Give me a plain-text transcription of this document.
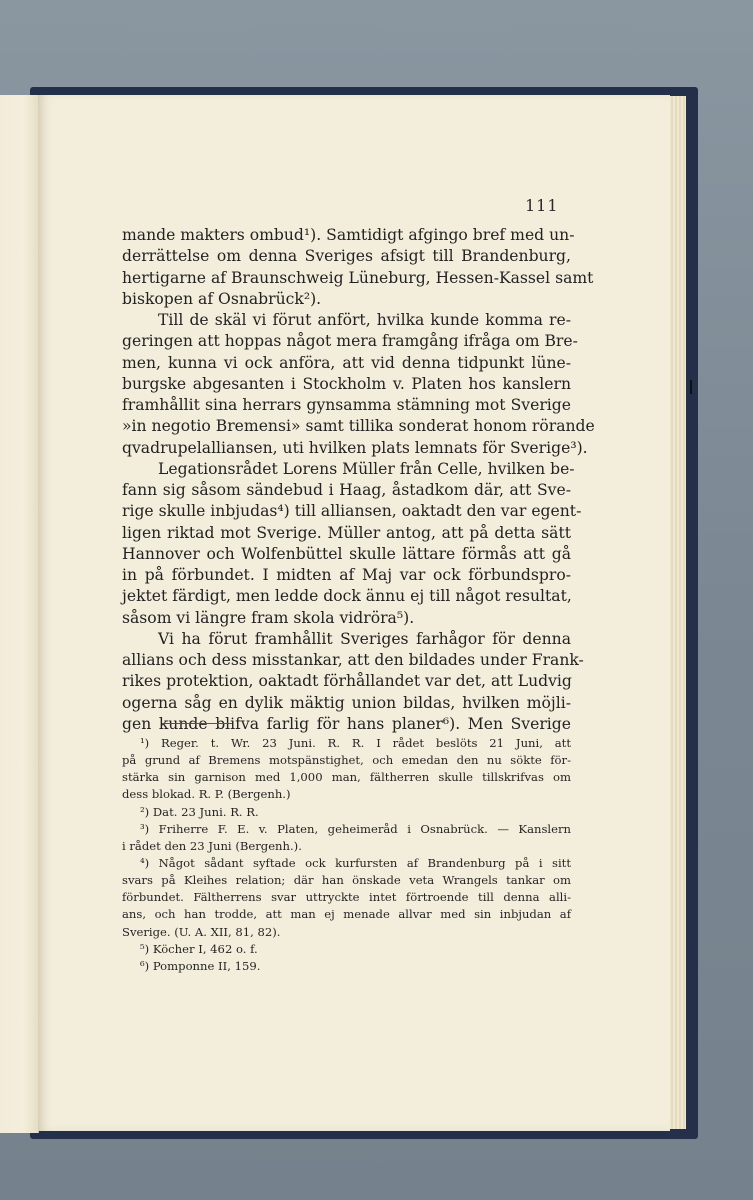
111
mande makters ombud¹). Samtidigt afgingo bref med un-
derrättelse om denna Sveriges afsigt till Brandenburg,
hertigarne af Braunschweig Lüneburg, Hessen-Kassel samt
biskopen af Osnabrück²).
Till de skäl vi förut anfört, hvilka kunde komma re-
geringen att hoppas något mera framgång ifråga om Bre-
men, kunna vi ock anföra, att vid denna tidpunkt lüne-
burgske abgesanten i Stockholm v. Platen hos kanslern
framhållit sina herrars gynsamma stämning mot Sverige
»in negotio Bremensi» samt tillika sonderat honom rörande
qvadrupelalliansen, uti hvilken plats lemnats för Sverige³).
Legationsrådet Lorens Müller från Celle, hvilken be-
fann sig såsom sändebud i Haag, åstadkom där, att Sve-
rige skulle inbjudas⁴) till alliansen, oaktadt den var egent-
ligen riktad mot Sverige. Müller antog, att på detta sätt
Hannover och Wolfenbüttel skulle lättare förmås att gå
in på förbundet. I midten af Maj var ock förbundspro-
jektet färdigt, men ledde dock ännu ej till något resultat,
såsom vi längre fram skola vidröra⁵).
Vi ha förut framhållit Sveriges farhågor för denna
allians och dess misstankar, att den bildades under Frank-
rikes protektion, oaktadt förhållandet var det, att Ludvig
ogerna såg en dylik mäktig union bildas, hvilken möjli-
gen kunde blifva farlig för hans planer⁶). Men Sverige
¹) Reger. t. Wr. 23 Juni. R. R. I rådet beslöts 21 Juni, att
på grund af Bremens motspänstighet, och emedan den nu sökte för-
stärka sin garnison med 1,000 man, fältherren skulle tillskrifvas om
dess blokad. R. P. (Bergenh.)
²) Dat. 23 Juni. R. R.
³) Friherre F. E. v. Platen, geheimeråd i Osnabrück. — Kanslern
i rådet den 23 Juni (Bergenh.).
⁴) Något sådant syftade ock kurfursten af Brandenburg på i sitt
svars på Kleihes relation; där han önskade veta Wrangels tankar om
förbundet. Fältherrens svar uttryckte intet förtroende till denna alli-
ans, och han trodde, att man ej menade allvar med sin inbjudan af
Sverige. (U. A. XII, 81, 82).
⁵) Köcher I, 462 o. f.
⁶) Pomponne II, 159.
